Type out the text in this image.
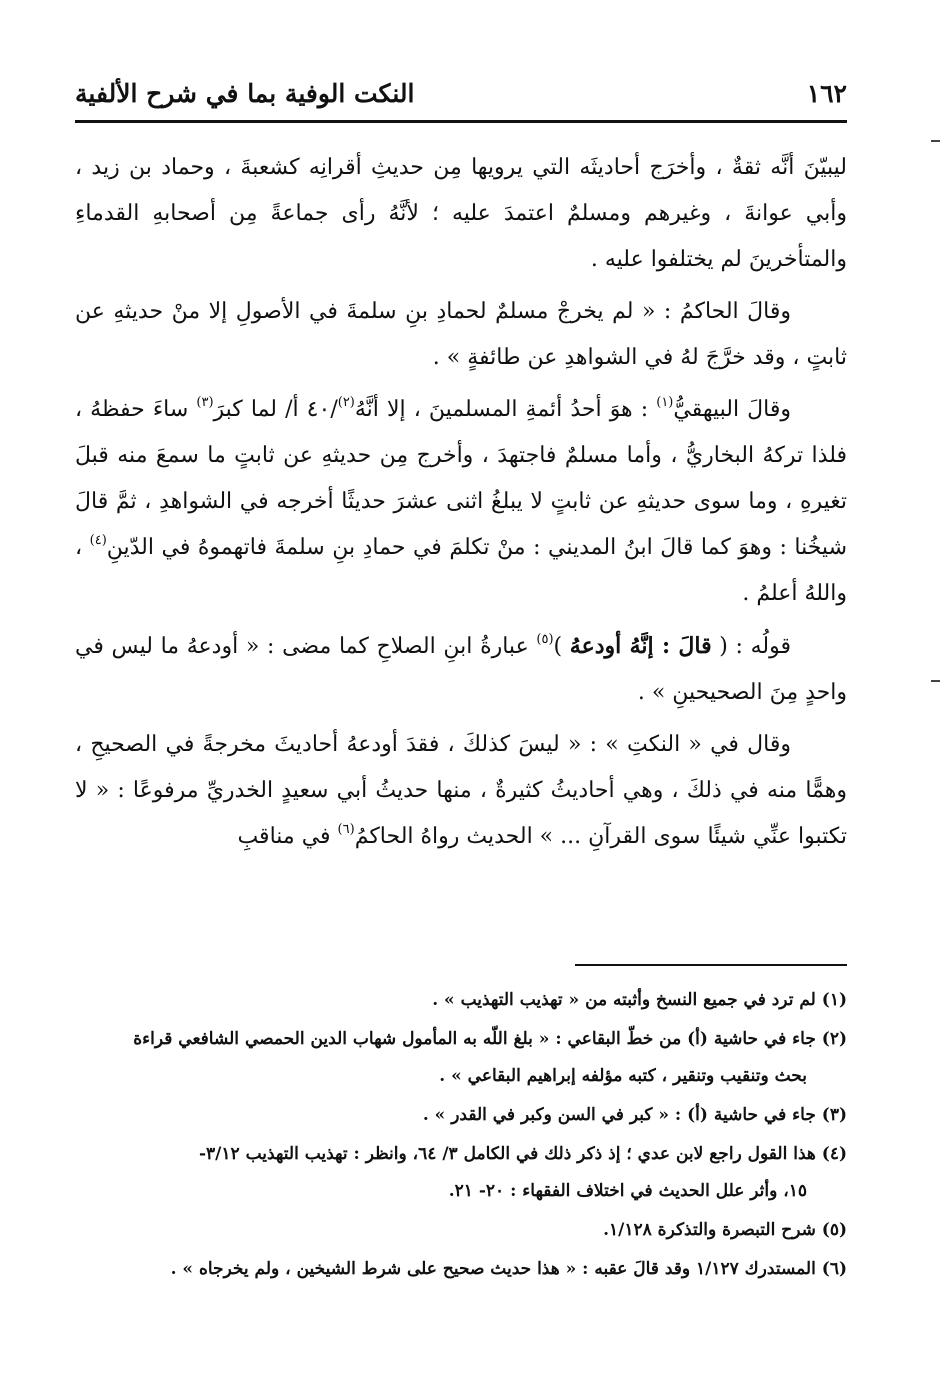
١٦٢
النكت الوفية بما في شرح الألفية

ليبيّنَ أنَّه ثقةٌ ، وأخرَج أحاديثَه التي يرويها مِن حديثِ أقرانِه كشعبةَ ، وحماد بن زيد ، وأبي عوانةَ ، وغيرهم ومسلمٌ اعتمدَ عليه ؛ لأنَّهُ رأى جماعةً مِن أصحابهِ القدماءِ والمتأخرينَ لم يختلفوا عليه .

وقالَ الحاكمُ : « لم يخرجْ مسلمٌ لحمادِ بنِ سلمةَ في الأصولِ إلا منْ حديثهِ عن ثابتٍ ، وقد خرَّجَ لهُ في الشواهدِ عن طائفةٍ » .

وقالَ البيهقيُّ$^{(١)}$ : هوَ أحدُ أئمةِ المسلمينَ ، إلا أنَّهُ$^{(٢)}$/٤٠ أ/ لما كبرَ$^{(٣)}$ ساءَ حفظهُ ، فلذا تركهُ البخاريُّ ، وأما مسلمٌ فاجتهدَ ، وأخرج مِن حديثهِ عن ثابتٍ ما سمعَ منه قبلَ تغيرهِ ، وما سوى حديثهِ عن ثابتٍ لا يبلغُ اثنى عشرَ حديثًا أخرجه في الشواهدِ ، ثمَّ قالَ شيخُنا : وهوَ كما قالَ ابنُ المديني : منْ تكلمَ في حمادِ بنِ سلمةَ فاتهموهُ في الدّينِ$^{(٤)}$ ، واللهُ أعلمُ .

قولُه : ( قالَ : إنَّهُ أودعهُ )$^{(٥)}$ عبارةُ ابنِ الصلاحِ كما مضى : « أودعهُ ما ليس في واحدٍ مِنَ الصحيحينِ » .

وقال في « النكتِ » : « ليسَ كذلكَ ، فقدَ أودعهُ أحاديثَ مخرجةً في الصحيحِ ، وهمًّا منه في ذلكَ ، وهي أحاديثُ كثيرةٌ ، منها حديثُ أبي سعيدٍ الخدريِّ مرفوعًا : « لا تكتبوا عنِّي شيئًا سوى القرآنِ ... » الحديث رواهُ الحاكمُ$^{(٦)}$ في مناقبِ

(١) لم ترد في جميع النسخ وأثبته من « تهذيب التهذيب » .
(٢) جاء في حاشية (أ) من خطّ البقاعي : « بلغ اللّه به المأمول شهاب الدين الحمصي الشافعي قراءة
بحث وتنقيب وتنقير ، كتبه مؤلفه إبراهيم البقاعي » .
(٣) جاء في حاشية (أ) : « كبر في السن وكبر في القدر » .
(٤) هذا القول راجع لابن عدي ؛ إذ ذكر ذلك في الكامل ٣/ ٦٤، وانظر : تهذيب التهذيب ٣/١٢-
١٥، وأثر علل الحديث في اختلاف الفقهاء : ٢٠- ٢١.
(٥) شرح التبصرة والتذكرة ١/١٢٨.
(٦) المستدرك ١/١٢٧ وقد قالَ عقبه : « هذا حديث صحيح على شرط الشيخين ، ولم يخرجاه » .
